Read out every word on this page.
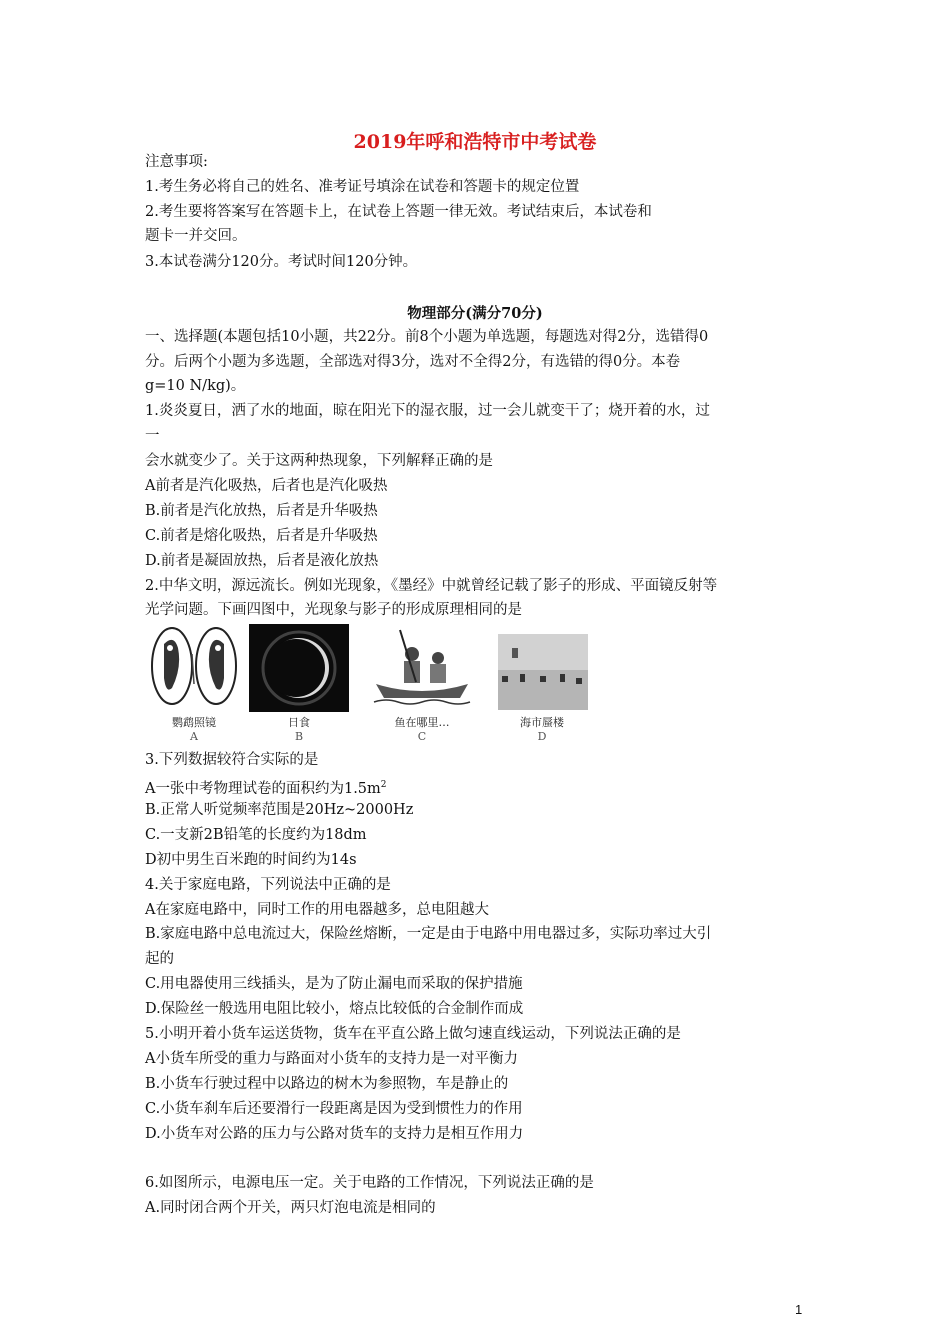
2019年呼和浩特市中考试卷
注意事项:
1.考生务必将自己的姓名、准考证号填涂在试卷和答题卡的规定位置
2.考生要将答案写在答题卡上，在试卷上答题一律无效。考试结束后，本试卷和
题卡一并交回。
3.本试卷满分120分。考试时间120分钟。
物理部分(满分70分)
一、选择题(本题包括10小题，共22分。前8个小题为单选题，每题选对得2分，选错得0
分。后两个小题为多选题，全部选对得3分，选对不全得2分，有选错的得0分。本卷
g=10 N/kg)。
1.炎炎夏日，洒了水的地面，晾在阳光下的湿衣服，过一会儿就变干了；烧开着的水，过
一
会水就变少了。关于这两种热现象，下列解释正确的是
A前者是汽化吸热，后者也是汽化吸热
B.前者是汽化放热，后者是升华吸热
C.前者是熔化吸热，后者是升华吸热
D.前者是凝固放热，后者是液化放热
2.中华文明，源远流长。例如光现象，《墨经》中就曾经记载了影子的形成、平面镜反射等
光学问题。下画四图中，光现象与影子的形成原理相同的是
鹦鹉照镜
A
日食
B
鱼在哪里…
C
海市蜃楼
D
3.下列数据较符合实际的是
A一张中考物理试卷的面积约为$1.5m^2$
B.正常人听觉频率范围是20Hz~2000Hz
C.一支新2B铅笔的长度约为18dm
D初中男生百米跑的时间约为14s
4.关于家庭电路，下列说法中正确的是
A在家庭电路中，同时工作的用电器越多，总电阻越大
B.家庭电路中总电流过大，保险丝熔断，一定是由于电路中用电器过多，实际功率过大引
起的
C.用电器使用三线插头，是为了防止漏电而采取的保护措施
D.保险丝一般选用电阻比较小，熔点比较低的合金制作而成
5.小明开着小货车运送货物，货车在平直公路上做匀速直线运动，下列说法正确的是
A小货车所受的重力与路面对小货车的支持力是一对平衡力
B.小货车行驶过程中以路边的树木为参照物，车是静止的
C.小货车刹车后还要滑行一段距离是因为受到惯性力的作用
D.小货车对公路的压力与公路对货车的支持力是相互作用力
6.如图所示，电源电压一定。关于电路的工作情况，下列说法正确的是
A.同时闭合两个开关，两只灯泡电流是相同的
1
